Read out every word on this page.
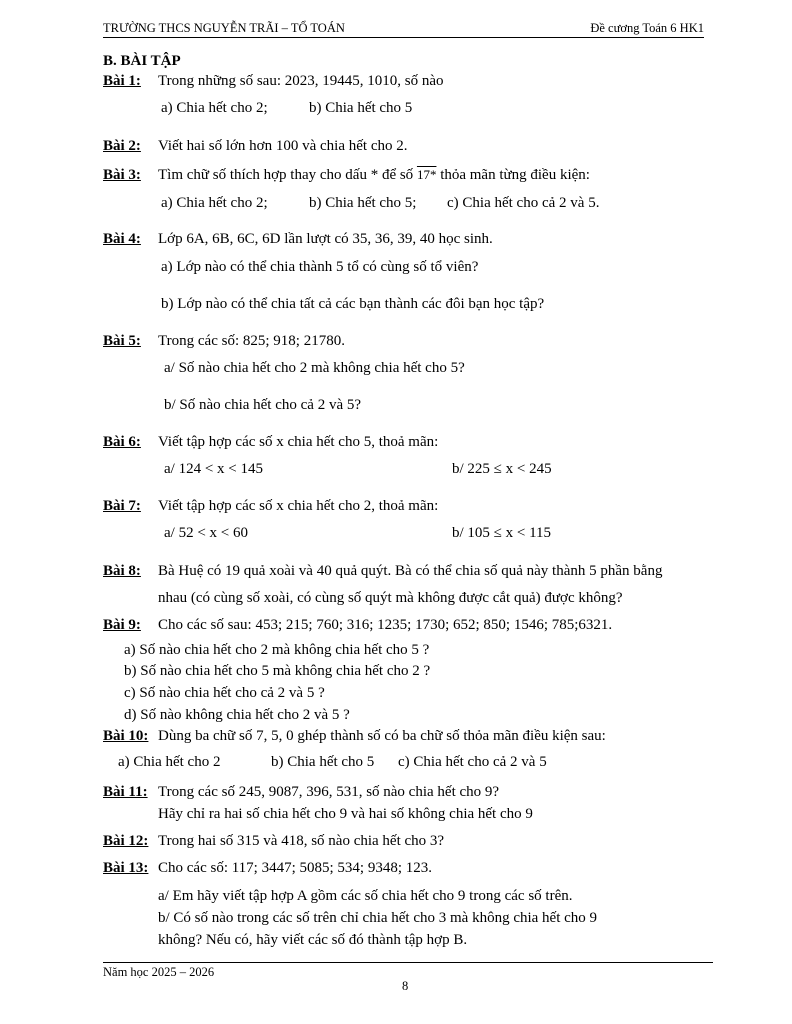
TRƯỜNG THCS NGUYỄN TRÃI – TỔ TOÁN	Đề cương Toán 6 HK1
B. BÀI TẬP
Bài 1: Trong những số sau: 2023, 19445, 1010, số nào
a) Chia hết cho 2;	b) Chia hết cho 5
Bài 2: Viết hai số lớn hơn 100 và chia hết cho 2.
Bài 3: Tìm chữ số thích hợp thay cho dấu * để số 17* thỏa mãn từng điều kiện:
a) Chia hết cho 2;	b) Chia hết cho 5; c) Chia hết cho cả 2 và 5.
Bài 4: Lớp 6A, 6B, 6C, 6D lần lượt có 35, 36, 39, 40 học sinh.
a) Lớp nào có thể chia thành 5 tổ có cùng số tổ viên?
b) Lớp nào có thể chia tất cả các bạn thành các đôi bạn học tập?
Bài 5: Trong các số: 825; 918; 21780.
a/ Số nào chia hết cho 2 mà không chia hết cho 5?
b/ Số nào chia hết cho cả 2 và 5?
Bài 6: Viết tập hợp các số x chia hết cho 5, thoả mãn:
a/ 124 < x < 145	b/ 225 ≤ x < 245
Bài 7: Viết tập hợp các số x chia hết cho 2, thoả mãn:
a/ 52 < x < 60	b/ 105 ≤ x < 115
Bài 8: Bà Huệ có 19 quả xoài và 40 quả quýt. Bà có thể chia số quả này thành 5 phần bằng
nhau (có cùng số xoài, có cùng số quýt mà không được cắt quả) được không?
Bài 9: Cho các số sau: 453; 215; 760; 316; 1235; 1730; 652; 850; 1546; 785;6321.
a) Số nào chia hết cho 2 mà không chia hết cho 5 ?
b) Số nào chia hết cho 5 mà không chia hết cho 2 ?
c) Số nào chia hết cho cả 2 và 5 ?
d) Số nào không chia hết cho 2 và 5 ?
Bài 10: Dùng ba chữ số 7, 5, 0 ghép thành số có ba chữ số thỏa mãn điều kiện sau:
a) Chia hết cho 2	b) Chia hết cho 5 c) Chia hết cho cả 2 và 5
Bài 11: Trong các số 245, 9087, 396, 531, số nào chia hết cho 9?
Hãy chỉ ra hai số chia hết cho 9 và hai số không chia hết cho 9
Bài 12: Trong hai số 315 và 418, số nào chia hết cho 3?
Bài 13: Cho các số: 117; 3447; 5085; 534; 9348; 123.
a/ Em hãy viết tập hợp A gồm các số chia hết cho 9 trong các số trên.
b/ Có số nào trong các số trên chỉ chia hết cho 3 mà không chia hết cho 9
không? Nếu có, hãy viết các số đó thành tập hợp B.
Năm học 2025 – 2026
8
